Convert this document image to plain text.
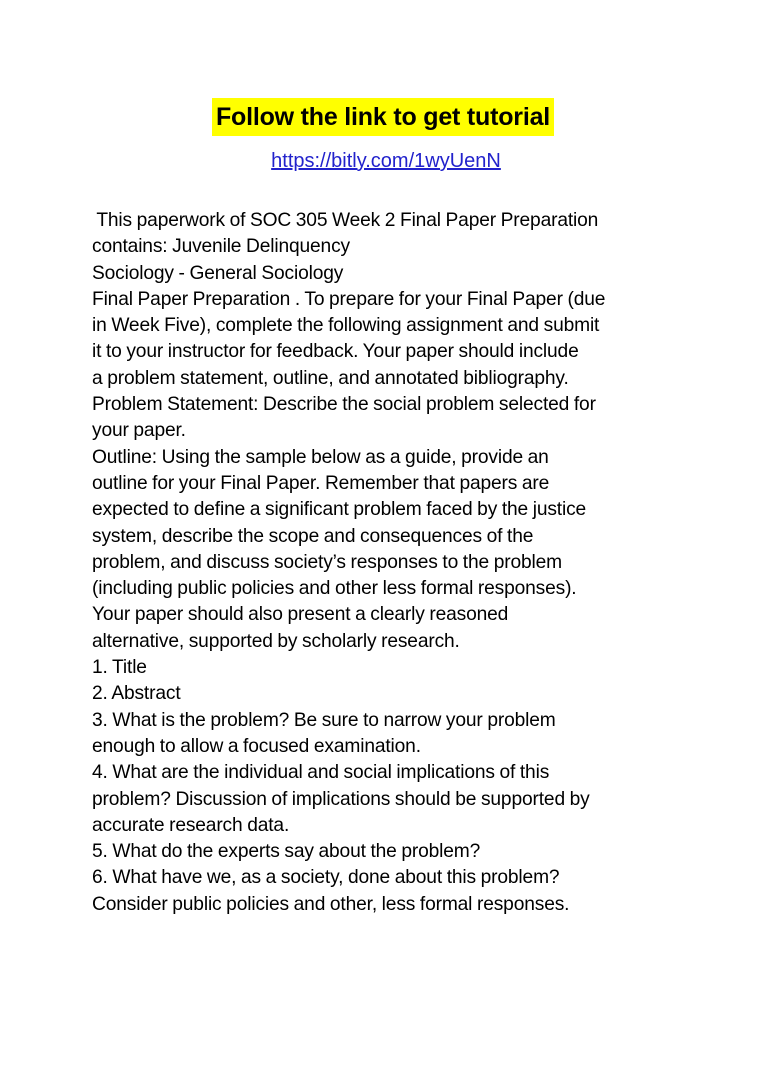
Follow the link to get tutorial
https://bitly.com/1wyUenN
This paperwork of SOC 305 Week 2 Final Paper Preparation
contains: Juvenile Delinquency
Sociology - General Sociology
Final Paper Preparation . To prepare for your Final Paper (due
in Week Five), complete the following assignment and submit
it to your instructor for feedback. Your paper should include
a problem statement, outline, and annotated bibliography.
Problem Statement: Describe the social problem selected for
your paper.
Outline: Using the sample below as a guide, provide an
outline for your Final Paper. Remember that papers are
expected to define a significant problem faced by the justice
system, describe the scope and consequences of the
problem, and discuss society’s responses to the problem
(including public policies and other less formal responses).
Your paper should also present a clearly reasoned
alternative, supported by scholarly research.
1. Title
2. Abstract
3. What is the problem? Be sure to narrow your problem
enough to allow a focused examination.
4. What are the individual and social implications of this
problem? Discussion of implications should be supported by
accurate research data.
5. What do the experts say about the problem?
6. What have we, as a society, done about this problem?
Consider public policies and other, less formal responses.
